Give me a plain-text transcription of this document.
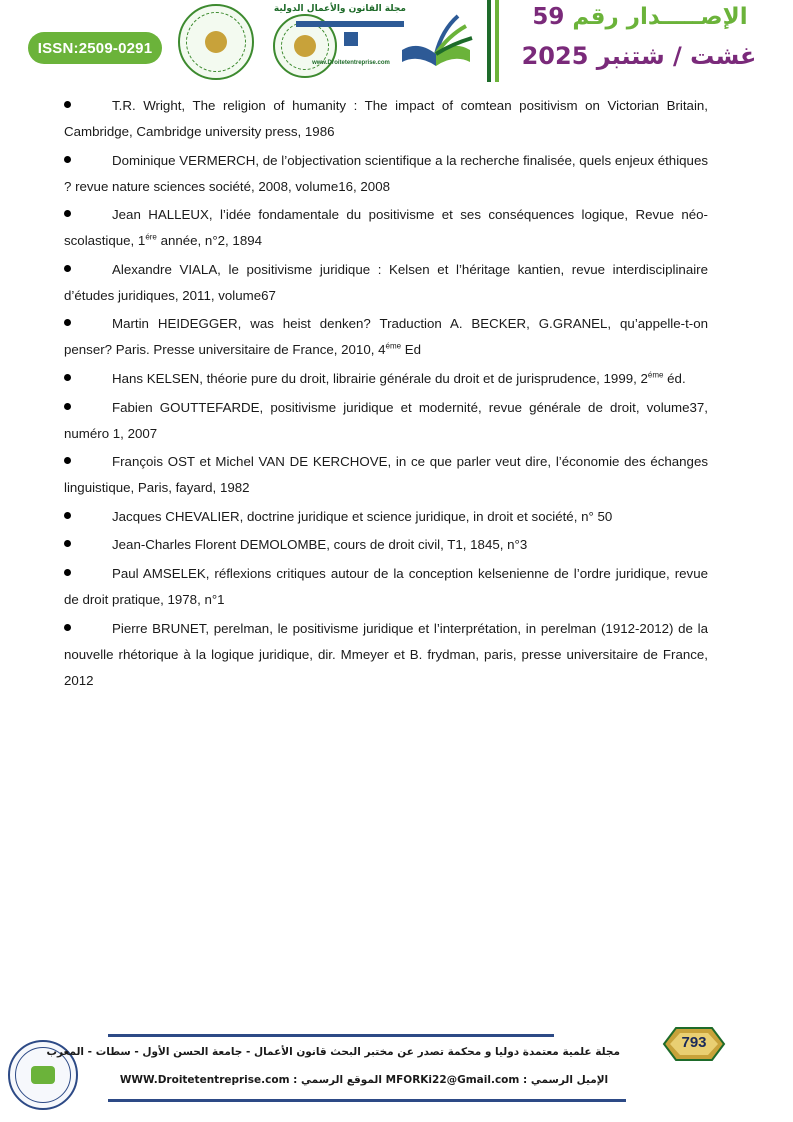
ISSN:2509-0291
مجلة القانون والأعمال الدولية
www.Droitetentreprise.com
الإصـــــدار رقم 59
غشت / شتنبر 2025
T.R. Wright, The religion of humanity : The impact of comtean positivism on Victorian Britain, Cambridge, Cambridge university press, 1986
Dominique VERMERCH, de l’objectivation scientifique a la recherche finalisée, quels enjeux éthiques ? revue nature sciences société, 2008, volume16, 2008
Jean HALLEUX, l’idée fondamentale du positivisme et ses conséquences logique, Revue néo-scolastique, $1^{ére}$ année, n°2, 1894
Alexandre VIALA, le positivisme juridique : Kelsen et l’héritage kantien, revue interdisciplinaire d’études juridiques, 2011, volume67
Martin HEIDEGGER, was heist denken? Traduction A. BECKER, G.GRANEL, qu’appelle-t-on penser? Paris. Presse universitaire de France, 2010, $4^{éme}$ Ed
Hans KELSEN, théorie pure du droit, librairie générale du droit et de jurisprudence, 1999, $2^{éme}$ éd.
Fabien GOUTTEFARDE, positivisme juridique et modernité, revue générale de droit, volume37, numéro 1, 2007
François OST et Michel VAN DE KERCHOVE, in ce que parler veut dire, l’économie des échanges linguistique, Paris, fayard, 1982
Jacques CHEVALIER, doctrine juridique et science juridique, in droit et société, n° 50
Jean-Charles Florent DEMOLOMBE, cours de droit civil, T1, 1845, n°3
Paul AMSELEK, réflexions critiques autour de la conception kelsenienne de l’ordre juridique, revue de droit pratique, 1978, n°1
Pierre BRUNET, perelman, le positivisme juridique et l’interprétation, in perelman (1912-2012) de la nouvelle rhétorique à la logique juridique, dir. Mmeyer et B. frydman, paris, presse universitaire de France, 2012
مجلة علمية معتمدة دوليا و محكمة تصدر عن مختبر البحث قانون الأعمال - جامعة الحسن الأول - سطات - المغرب
الإميل الرسمي : MFORKi22@Gmail.com الموقع الرسمي : WWW.Droitetentreprise.com
793
